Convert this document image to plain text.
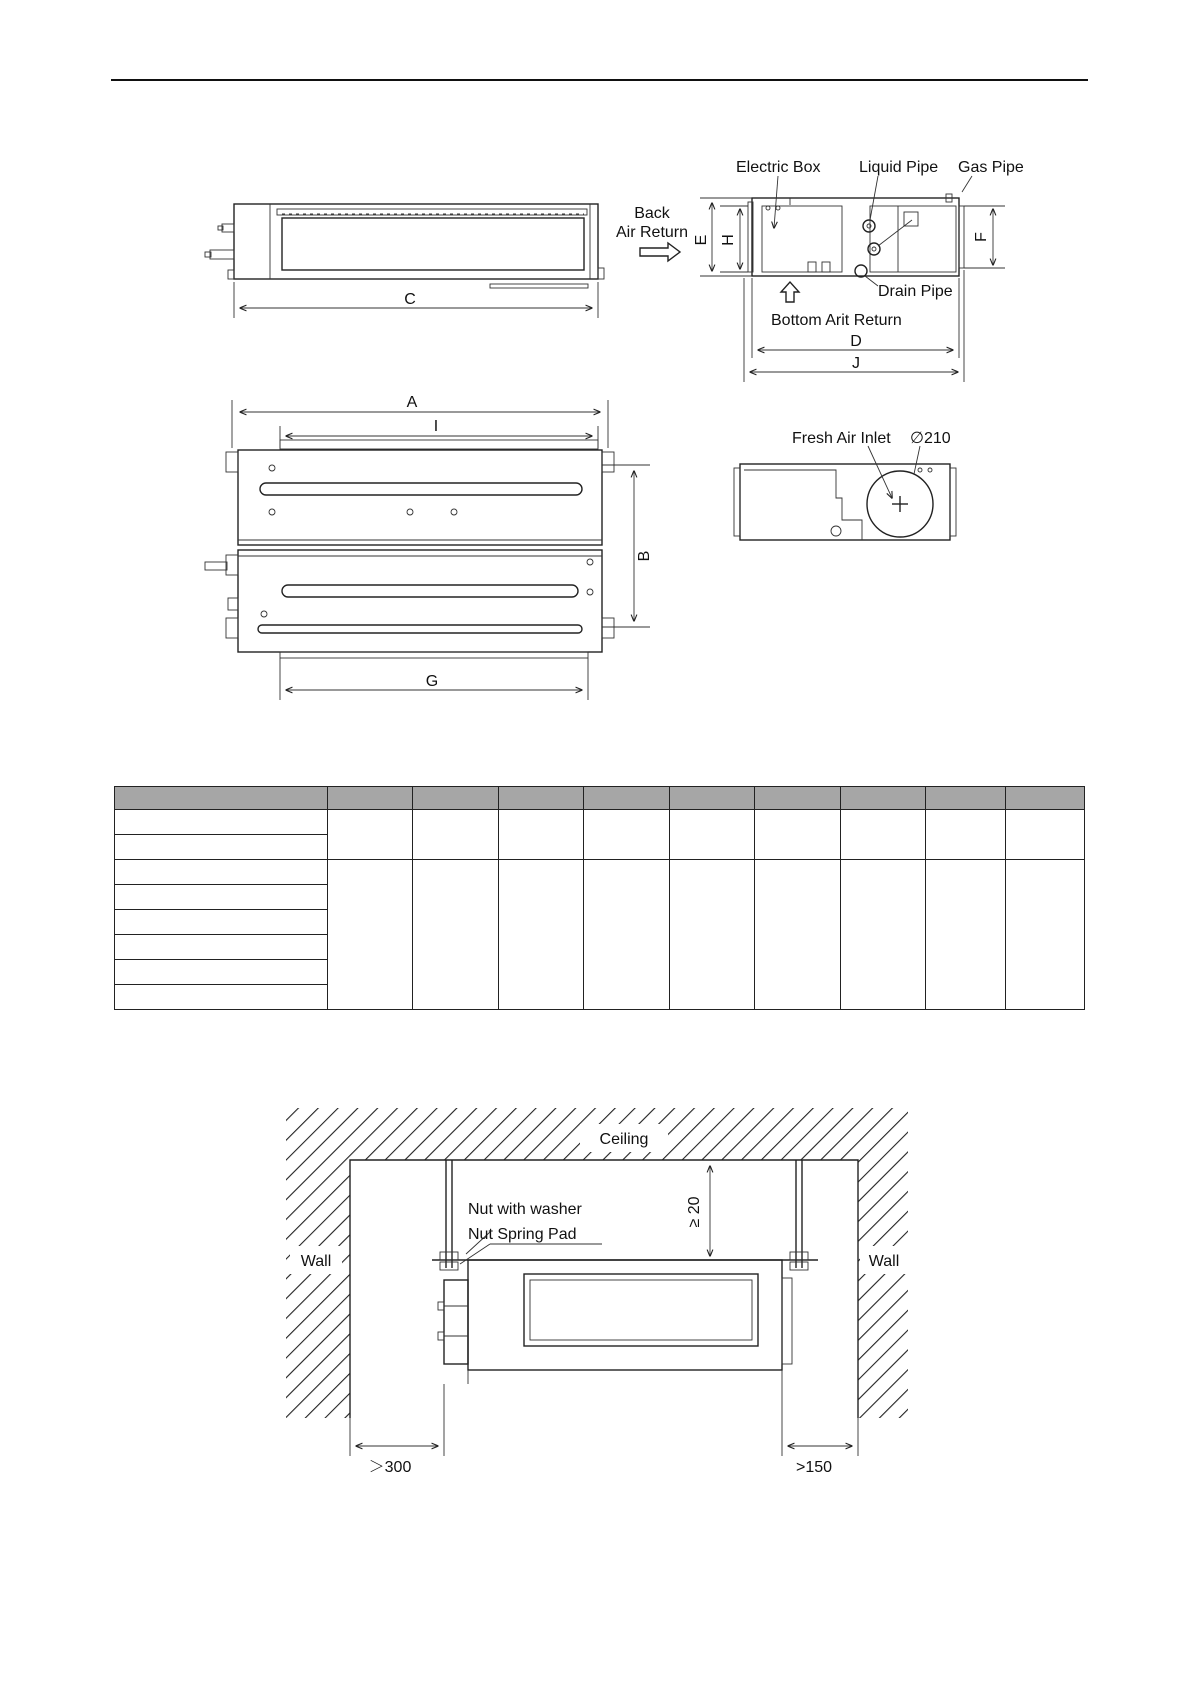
C
Back
Air Return E H	F
D
J
Electric Box Liquid Pipe Gas Pipe
Drain Pipe
Bottom Arit Return
A
I
B
G
Fresh Air Inlet ∅210
≥ 20
Ceiling
Wall	Wall
Nut with washer
Nut Spring Pad
＞300	>150
